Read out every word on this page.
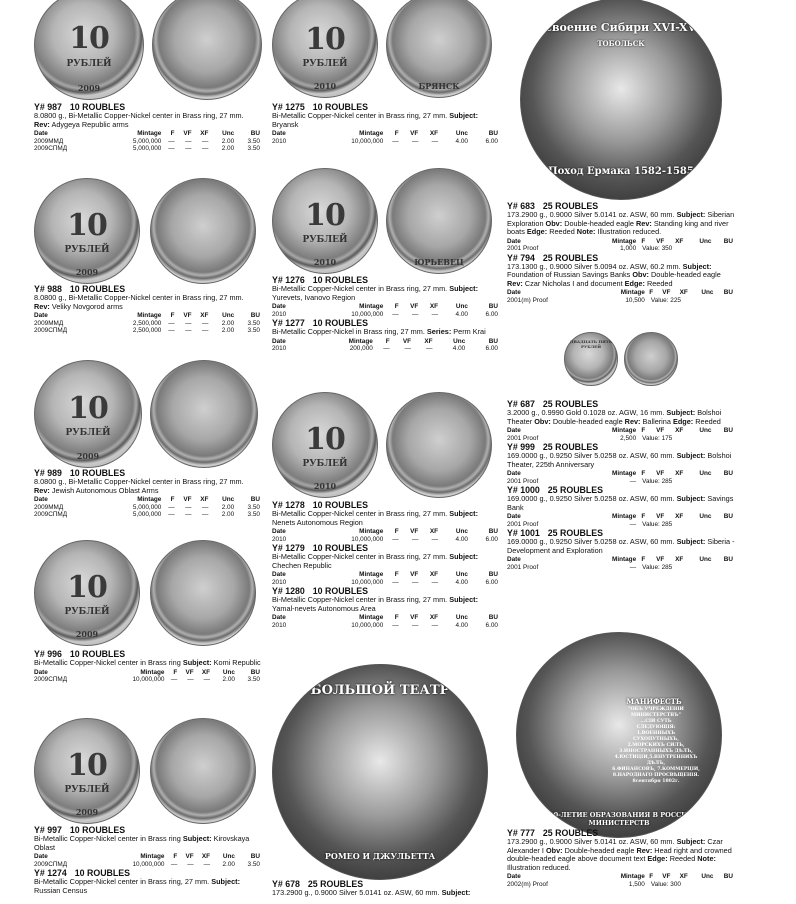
10
РУБЛЕЙ
2009
Y# 987 10 ROUBLES
8.0800 g., Bi-Metallic Copper-Nickel center in Brass ring, 27 mm.
Rev: Adygeya Republic arms
Date	Mintage	F	VF	XF	Unc	BU
2009ММД	5,000,000	—	—	—	2.00	3.50
2009СПМД	5,000,000	—	—	—	2.00	3.50
10
РУБЛЕЙ
2009
Y# 988 10 ROUBLES
8.0800 g., Bi-Metallic Copper-Nickel center in Brass ring, 27 mm.
Rev: Veliky Novgorod arms
Date	Mintage	F	VF	XF	Unc	BU
2009ММД	2,500,000	—	—	—	2.00	3.50
2009СПМД	2,500,000	—	—	—	2.00	3.50
10
РУБЛЕЙ
2009
Y# 989 10 ROUBLES
8.0800 g., Bi-Metallic Copper-Nickel center in Brass ring, 27 mm.
Rev: Jewish Autonomous Oblast Arms
Date	Mintage	F	VF	XF	Unc	BU
2009ММД	5,000,000	—	—	—	2.00	3.50
2009СПМД	5,000,000	—	—	—	2.00	3.50
10
РУБЛЕЙ
2009
Y# 996 10 ROUBLES
Bi-Metallic Copper-Nickel center in Brass ring Subject: Komi Republic
Date	Mintage	F	VF	XF	Unc	BU
2009СПМД	10,000,000	—	—	—	2.00	3.50
10
РУБЛЕЙ
2009
Y# 997 10 ROUBLES
Bi-Metallic Copper-Nickel center in Brass ring Subject: Kirovskaya Oblast
Date	Mintage	F	VF	XF	Unc	BU
2009СПМД	10,000,000	—	—	—	2.00	3.50
Y# 1274 10 ROUBLES
Bi-Metallic Copper-Nickel center in Brass ring, 27 mm. Subject: Russian Census
10
РУБЛЕЙ
2010	БРЯНСК
Y# 1275 10 ROUBLES
Bi-Metallic Copper-Nickel center in Brass ring, 27 mm. Subject: Bryansk
Date	Mintage	F	VF	XF	Unc	BU
2010	10,000,000	—	—	—	4.00	6.00
10
РУБЛЕЙ
2010	ЮРЬЕВЕЦ
Y# 1276 10 ROUBLES
Bi-Metallic Copper-Nickel center in Brass ring, 27 mm. Subject: Yurevets, Ivanovo Region
Date	Mintage	F	VF	XF	Unc	BU
2010	10,000,000	—	—	—	4.00	6.00
Y# 1277 10 ROUBLES
Bi-Metallic Copper-Nickel in Brass ring, 27 mm. Series: Perm Krai
Date	Mintage	F	VF	XF	Unc	BU
2010	200,000	—	—	—	4.00	6.00
10
РУБЛЕЙ
2010
Y# 1278 10 ROUBLES
Bi-Metallic Copper-Nickel center in Brass ring, 27 mm. Subject: Nenets Autonomous Region
Date	Mintage	F	VF	XF	Unc	BU
2010	10,000,000	—	—	—	4.00	6.00
Y# 1279 10 ROUBLES
Bi-Metallic Copper-Nickel center in Brass ring, 27 mm. Subject: Chechen Republic
Date	Mintage	F	VF	XF	Unc	BU
2010	10,000,000	—	—	—	4.00	6.00
Y# 1280 10 ROUBLES
Bi-Metallic Copper-Nickel center in Brass ring, 27 mm. Subject: Yamal-nevets Autonomous Area
Date	Mintage	F	VF	XF	Unc	BU
2010	10,000,000	—	—	—	4.00	6.00
БОЛЬШОЙ ТЕАТР
РОМЕО И ДЖУЛЬЕТТА
Y# 678 25 ROUBLES
173.2900 g., 0.9000 Silver 5.0141 oz. ASW, 60 mm. Subject:
Освоение Сибири XVI-XVII
ТОБОЛЬСК
Поход Ермака 1582-1585
Y# 683 25 ROUBLES
173.2900 g., 0.9000 Silver 5.0141 oz. ASW, 60 mm. Subject: Siberian Exploration Obv: Double-headed eagle Rev: Standing king and river boats Edge: Reeded Note: Illustration reduced.
Date	Mintage	F	VF	XF	Unc	BU
2001 Proof	1,000	Value: 350				
Y# 794 25 ROUBLES
173.1300 g., 0.9000 Silver 5.0094 oz. ASW, 60.2 mm. Subject: Foundation of Russian Savings Banks Obv: Double-headed eagle Rev: Czar Nicholas I and document Edge: Reeded
Date	Mintage	F	VF	XF	Unc	BU
2001(m) Proof	10,500	Value: 225				
ДВАДЦАТЬ ПЯТЬ РУБЛЕЙ
Y# 687 25 ROUBLES
3.2000 g., 0.9990 Gold 0.1028 oz. AGW, 16 mm. Subject: Bolshoi Theater Obv: Double-headed eagle Rev: Ballerina Edge: Reeded
Date	Mintage	F	VF	XF	Unc	BU
2001 Proof	2,500	Value: 175				
Y# 999 25 ROUBLES
169.0000 g., 0.9250 Silver 5.0258 oz. ASW, 60 mm. Subject: Bolshoi Theater, 225th Anniversary
Date	Mintage	F	VF	XF	Unc	BU
2001 Proof	—	Value: 285				
Y# 1000 25 ROUBLES
169.0000 g., 0.9250 Silver 5.0258 oz. ASW, 60 mm. Subject: Savings Bank
Date	Mintage	F	VF	XF	Unc	BU
2001 Proof	—	Value: 285				
Y# 1001 25 ROUBLES
169.0000 g., 0.9250 Silver 5.0258 oz. ASW, 60 mm. Subject: Siberia - Development and Exploration
Date	Mintage	F	VF	XF	Unc	BU
2001 Proof	—	Value: 285				
МАНИФЕСТЬ
"ОБЪ УЧРЕЖДЕНIИ
МИНИСТЕРСТВЪ"
...СIИ СУТЬ
СЛЕДУЮЩIЯ:
1.ВОЕННЫХЪ
СУХОПУТНЫХЪ,
2.МОРСКИХЪ СИЛЪ,
3.ИНОСТРАННЫХЪ ДѢЛЪ,
4.ЮСТИЦIИ,5.ВНУТРЕННИХЪ ДѢЛЪ,
6.ФИНАНСОВЪ, 7.КОММЕРЦIИ,
8.НАРОДНАГО ПРОСВѢЩЕНIЯ.
8сентября 1802г.
200-ЛЕТИЕ ОБРАЗОВАНИЯ В РОССИИ МИНИСТЕРСТВ
Y# 777 25 ROUBLES
173.2900 g., 0.9000 Silver 5.0141 oz. ASW, 60 mm. Subject: Czar Alexander I Obv: Double-headed eagle Rev: Head right and crowned double-headed eagle above document text Edge: Reeded Note: Illustration reduced.
Date	Mintage	F	VF	XF	Unc	BU
2002(m) Proof	1,500	Value: 300				
